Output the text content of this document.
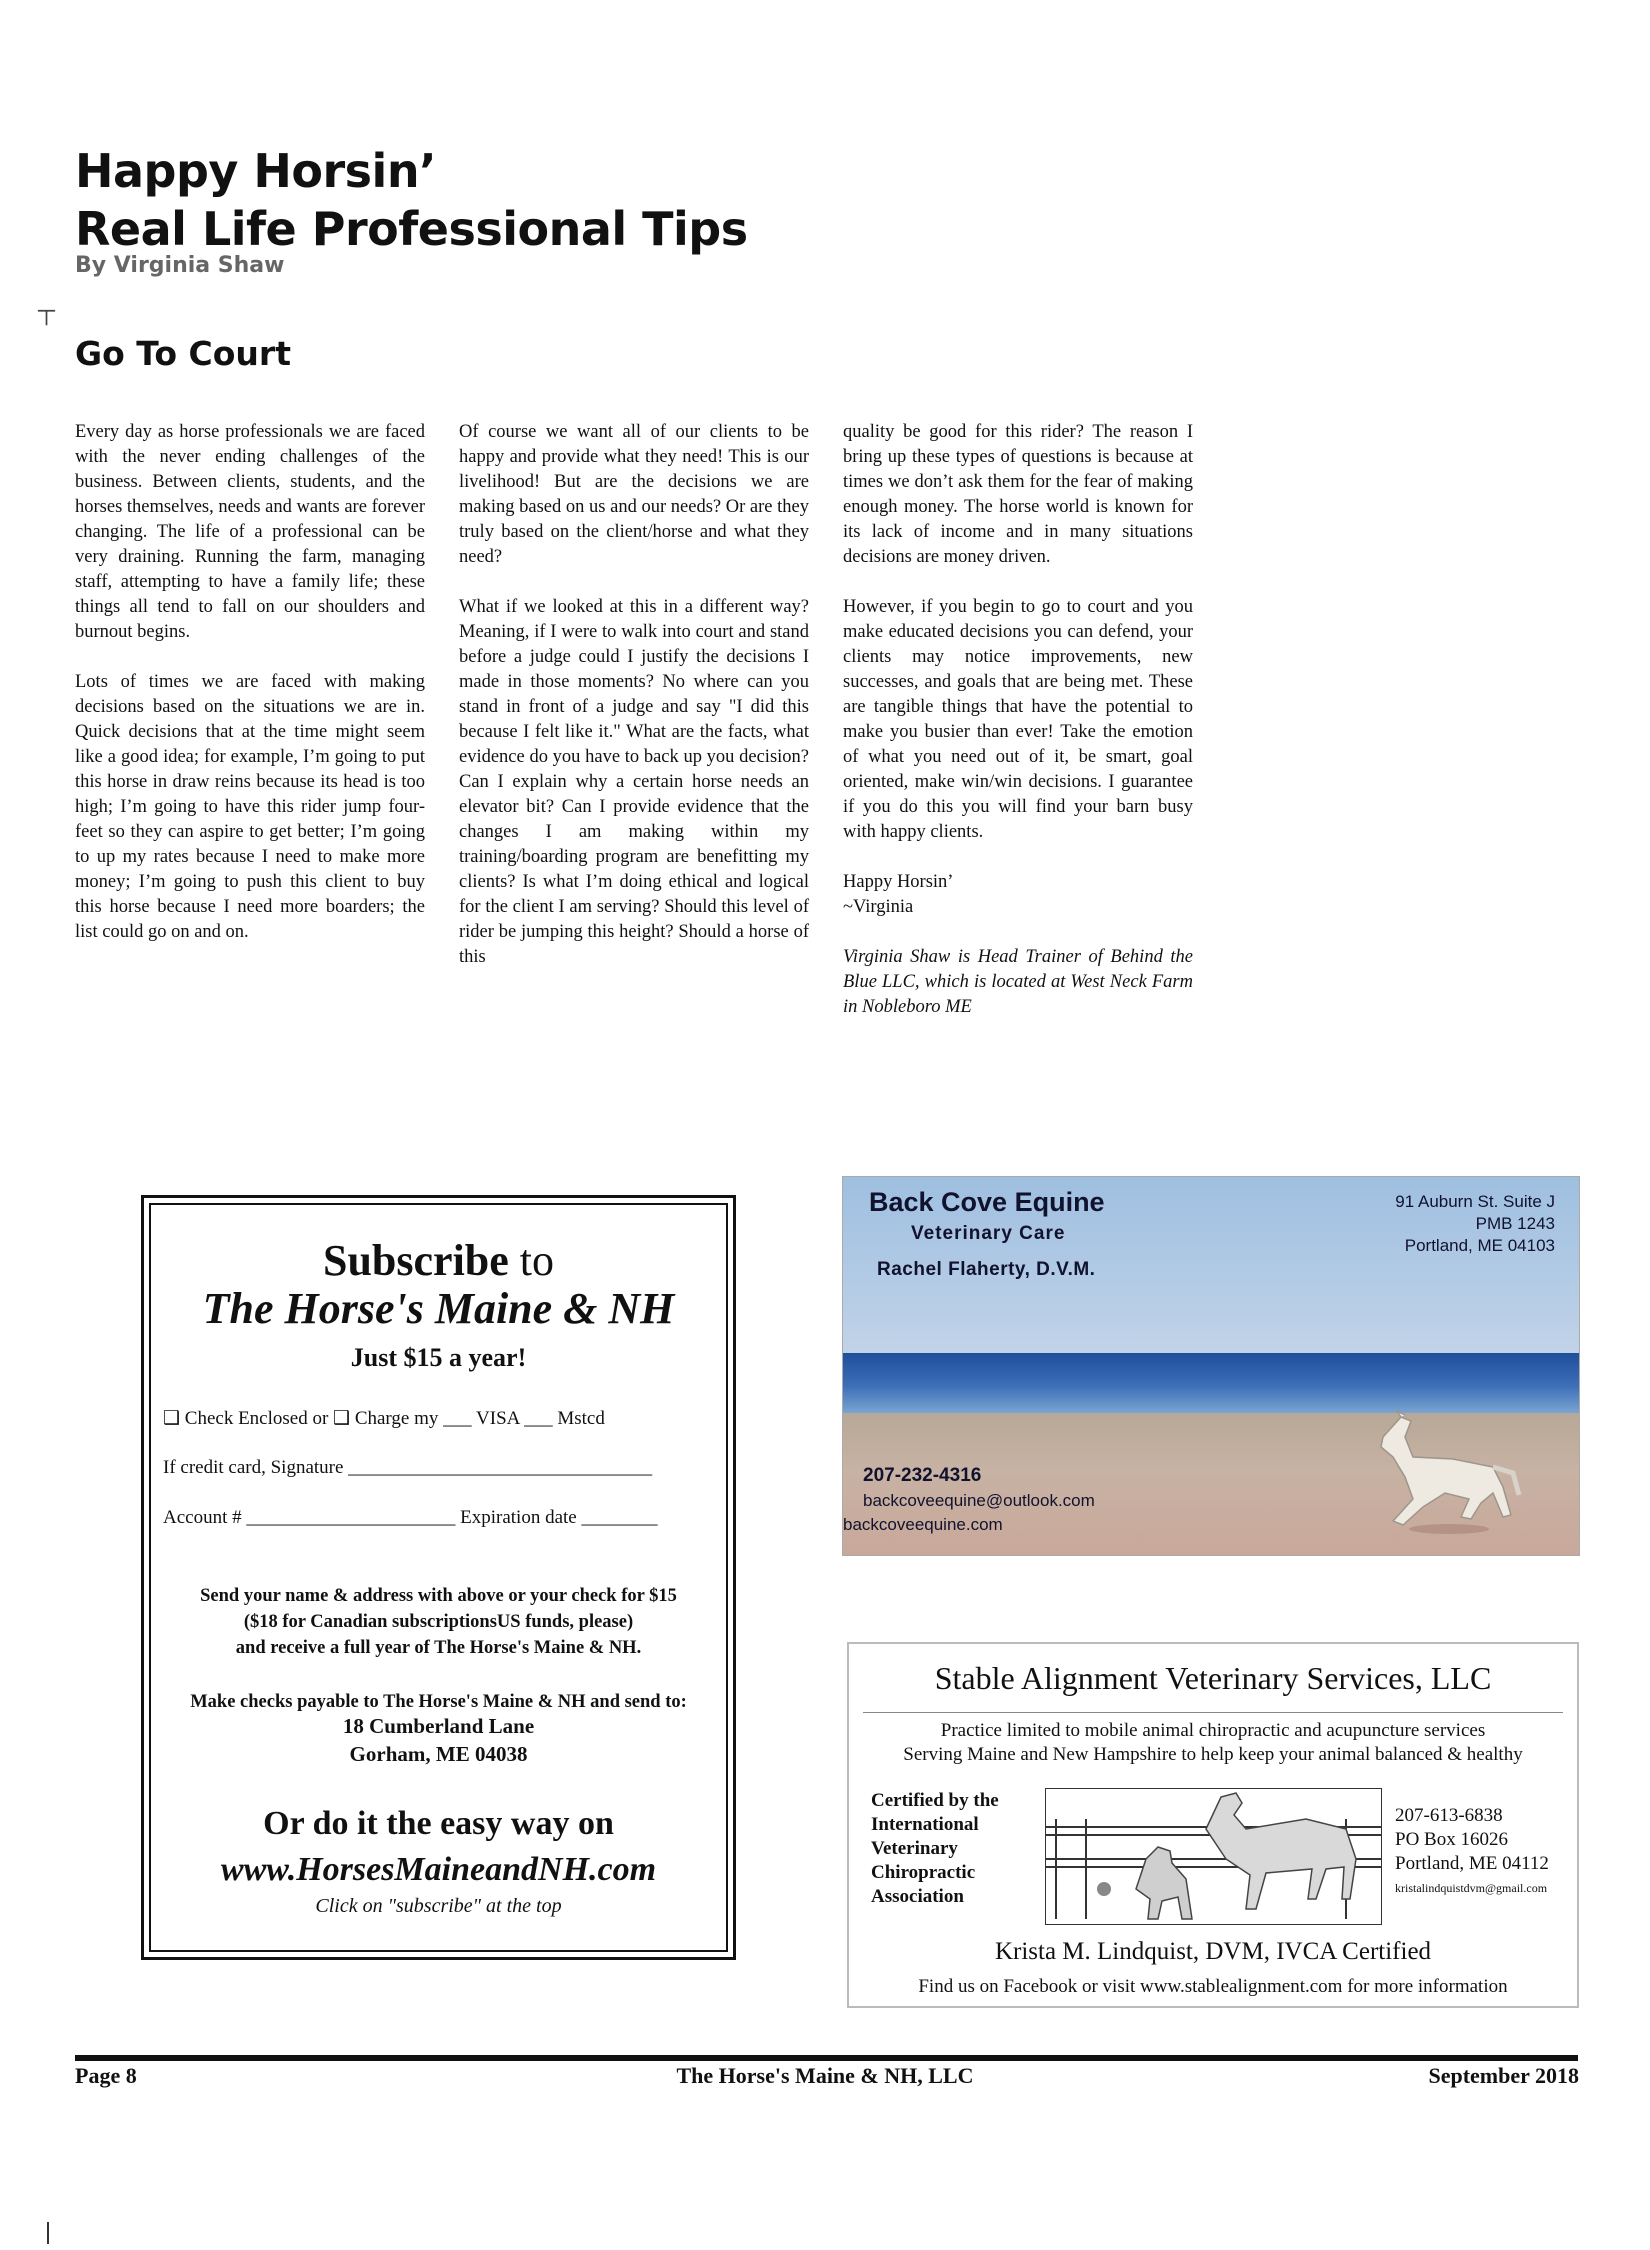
Happy Horsin’
Real Life Professional Tips
By Virginia Shaw
┬
Go To Court

Every day as horse professionals we are faced with the never ending challenges of the business. Between clients, students, and the horses themselves, needs and wants are forever changing. The life of a professional can be very draining. Running the farm, managing staff, attempting to have a family life; these things all tend to fall on our shoulders and burnout begins.

Lots of times we are faced with making decisions based on the situations we are in. Quick decisions that at the time might seem like a good idea; for example, I’m going to put this horse in draw reins because its head is too high; I’m going to have this rider jump four-feet so they can aspire to get better; I’m going to up my rates because I need to make more money; I’m going to push this client to buy this horse because I need more boarders; the list could go on and on.

Of course we want all of our clients to be happy and provide what they need! This is our livelihood! But are the decisions we are making based on us and our needs? Or are they truly based on the client/horse and what they need?

What if we looked at this in a different way? Meaning, if I were to walk into court and stand before a judge could I justify the decisions I made in those moments? No where can you stand in front of a judge and say "I did this because I felt like it." What are the facts, what evidence do you have to back up you decision? Can I explain why a certain horse needs an elevator bit? Can I provide evidence that the changes I am making within my training/boarding program are benefitting my clients? Is what I’m doing ethical and logical for the client I am serving? Should this level of rider be jumping this height? Should a horse of this

quality be good for this rider? The reason I bring up these types of questions is because at times we don’t ask them for the fear of making enough money. The horse world is known for its lack of income and in many situations decisions are money driven.

However, if you begin to go to court and you make educated decisions you can defend, your clients may notice improvements, new successes, and goals that are being met. These are tangible things that have the potential to make you busier than ever! Take the emotion of what you need out of it, be smart, goal oriented, make win/win decisions. I guarantee if you do this you will find your barn busy with happy clients.

Happy Horsin’

~Virginia

Virginia Shaw is Head Trainer of Behind the Blue LLC, which is located at West Neck Farm in Nobleboro ME

Subscribe to
The Horse's Maine & NH
Just $15 a year!
❑ Check Enclosed or ❑ Charge my ___ VISA ___ Mstcd
If credit card, Signature ________________________________
Account # ______________________ Expiration date ________
Send your name & address with above or your check for $15
($18 for Canadian subscriptionsUS funds, please)
and receive a full year of The Horse's Maine & NH.
Make checks payable to The Horse's Maine & NH and send to:
18 Cumberland Lane
Gorham, ME 04038
Or do it the easy way on
www.HorsesMaineandNH.com
Click on "subscribe" at the top
Back Cove Equine
Veterinary Care
Rachel Flaherty, D.V.M.
91 Auburn St. Suite J
PMB 1243
Portland, ME 04103
207-232-4316
backcoveequine@outlook.com
backcoveequine.com
Stable Alignment Veterinary Services, LLC
Practice limited to mobile animal chiropractic and acupuncture services
Serving Maine and New Hampshire to help keep your animal balanced & healthy
Certified by the
International
Veterinary
Chiropractic
Association
207-613-6838
PO Box 16026
Portland, ME 04112
kristalindquistdvm@gmail.com
Krista M. Lindquist, DVM, IVCA Certified
Find us on Facebook or visit www.stablealignment.com for more information
Page 8	The Horse's Maine & NH, LLC	September 2018
